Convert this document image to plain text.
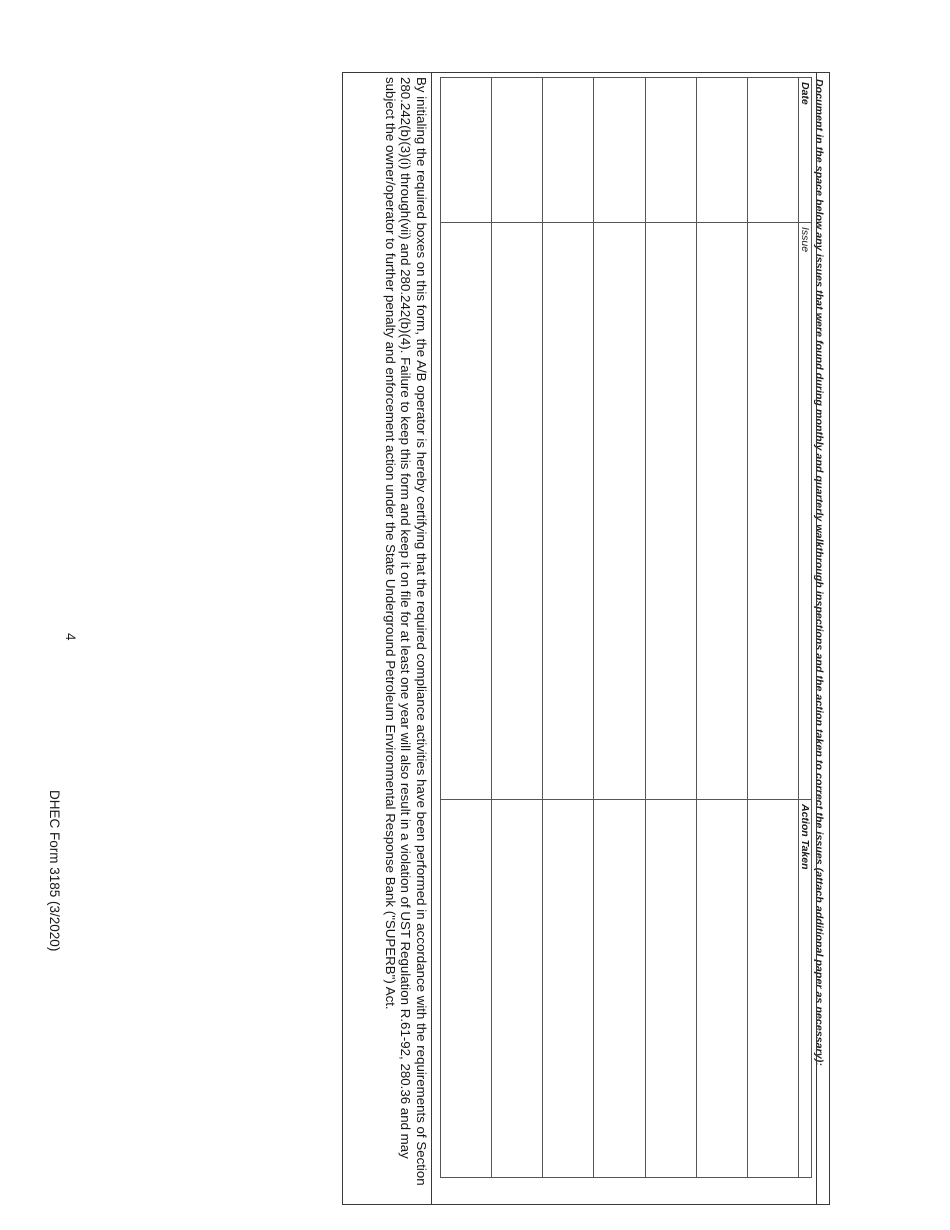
Document in the space below any issues that were found during monthly and quarterly walkthrough inspections and the action taken to correct the issues (attach additional paper as necessary):
Date	Issue	Action Taken

By initialing the required boxes on this form, the A/B operator is hereby certifying that the required compliance activities have been performed in accordance with the requirements of Section 280.242(b)(3)(i) through(vii) and 280.242(b)(4). Failure to keep this form and keep it on file for at least one year will also result in a violation of UST Regulation R.61-92, 280.36 and may subject the owner/operator to further penalty and enforcement action under the State Underground Petroleum Environmental Response Bank ("SUPERB") Act.
4
DHEC Form 3185 (3/2020)
